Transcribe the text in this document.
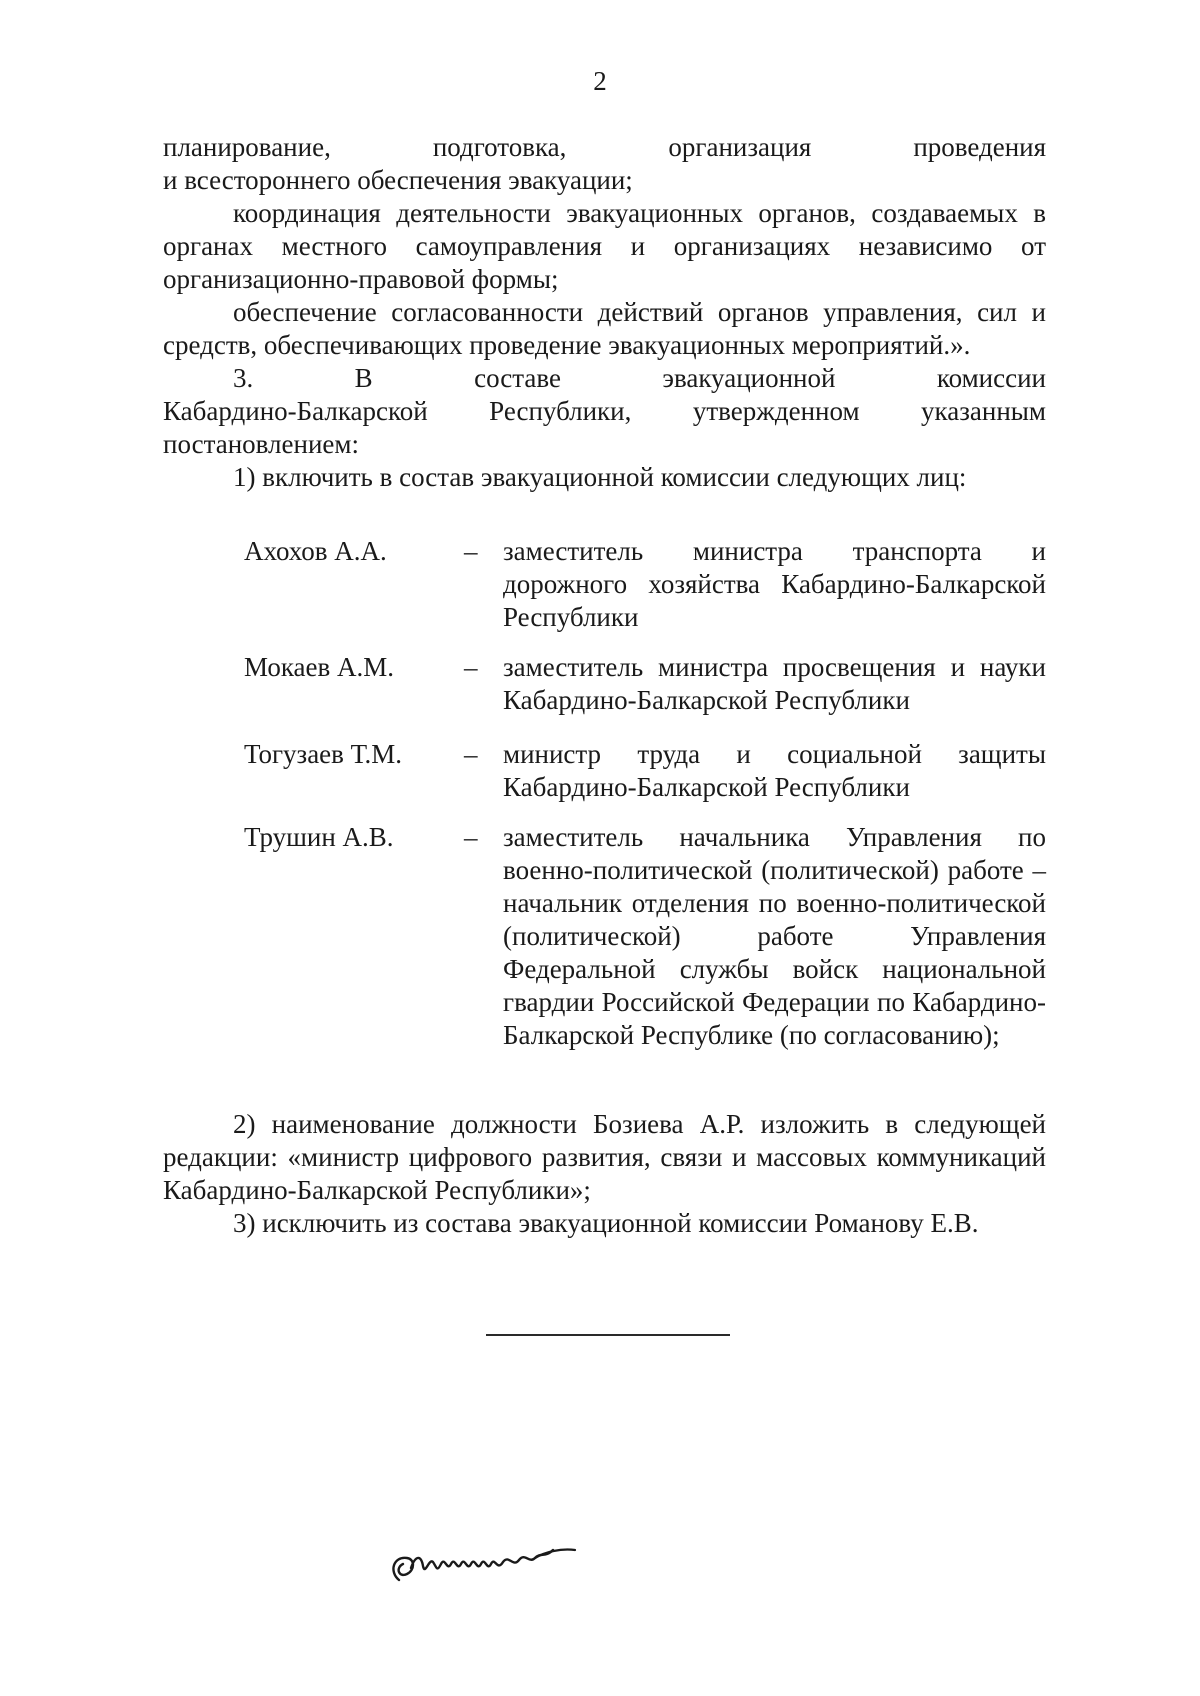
2
планирование,	подготовка,	организация	проведения

и всестороннего обеспечения эвакуации;

координация деятельности эвакуационных органов, создаваемых в органах местного самоуправления и организациях независимо от организационно-правовой формы;

обеспечение согласованности действий органов управления, сил и средств, обеспечивающих проведение эвакуационных мероприятий.».

3.	В	составе	эвакуационной	комиссии
Кабардино-Балкарской Республики, утвержденном указанным

постановлением:

1) включить в состав эвакуационной комиссии следующих лиц:

Ахохов А.А.	– заместитель министра транспорта и дорожного хозяйства Кабардино-Балкарской Республики
Мокаев А.М.	– заместитель министра просвещения и науки Кабардино-Балкарской Республики
Тогузаев Т.М. – министр труда и социальной защиты Кабардино-Балкарской Республики
Трушин А.В.	– заместитель начальника Управления по военно-политической (политической) работе – начальник отделения по военно-политической (политической) работе Управления Федеральной службы войск национальной гвардии Российской Федерации по Кабардино-Балкарской Республике (по согласованию);

2) наименование должности Бозиева А.Р. изложить в следующей редакции: «министр цифрового развития, связи и массовых коммуникаций Кабардино-Балкарской Республики»;

3) исключить из состава эвакуационной комиссии Романову Е.В.
